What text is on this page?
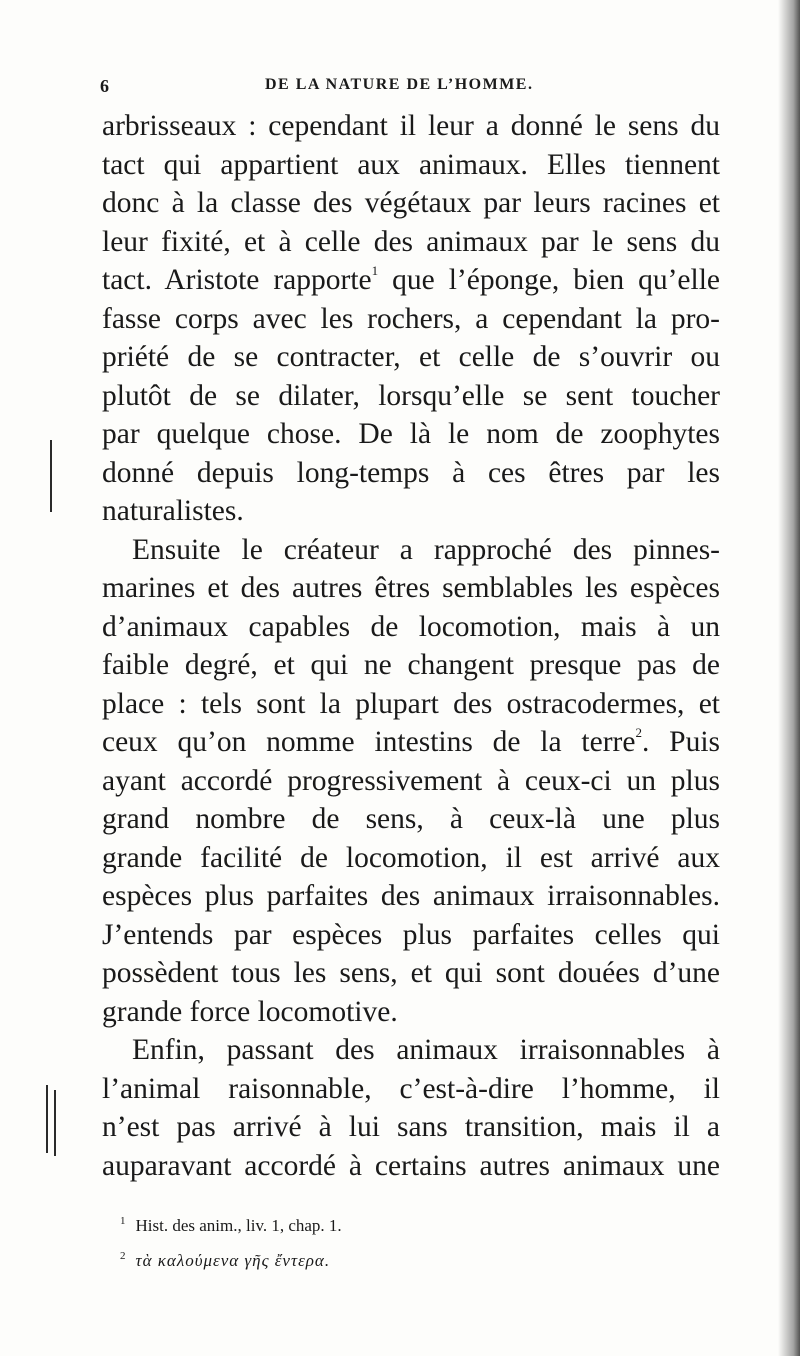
6	DE LA NATURE DE L’HOMME.
arbrisseaux : cependant il leur a donné le sens du
tact qui appartient aux animaux. Elles tiennent
donc à la classe des végétaux par leurs racines et
leur fixité, et à celle des animaux par le sens du
tact. Aristote rapporte$^1$ que l’éponge, bien qu’elle
fasse corps avec les rochers, a cependant la pro-
priété de se contracter, et celle de s’ouvrir ou
plutôt de se dilater, lorsqu’elle se sent toucher
par quelque chose. De là le nom de zoophytes
donné depuis long-temps à ces êtres par les
naturalistes.
Ensuite le créateur a rapproché des pinnes-
marines et des autres êtres semblables les espèces
d’animaux capables de locomotion, mais à un
faible degré, et qui ne changent presque pas de
place : tels sont la plupart des ostracodermes, et
ceux qu’on nomme intestins de la terre$^2$. Puis
ayant accordé progressivement à ceux-ci un plus
grand nombre de sens, à ceux-là une plus
grande facilité de locomotion, il est arrivé aux
espèces plus parfaites des animaux irraisonnables.
J’entends par espèces plus parfaites celles qui
possèdent tous les sens, et qui sont douées d’une
grande force locomotive.
Enfin, passant des animaux irraisonnables à
l’animal raisonnable, c’est-à-dire l’homme, il
n’est pas arrivé à lui sans transition, mais il a
auparavant accordé à certains autres animaux une
$^1$ Hist. des anim., liv. 1, chap. 1.
$^2$ τὰ καλούμενα γῆς ἔντερα.
